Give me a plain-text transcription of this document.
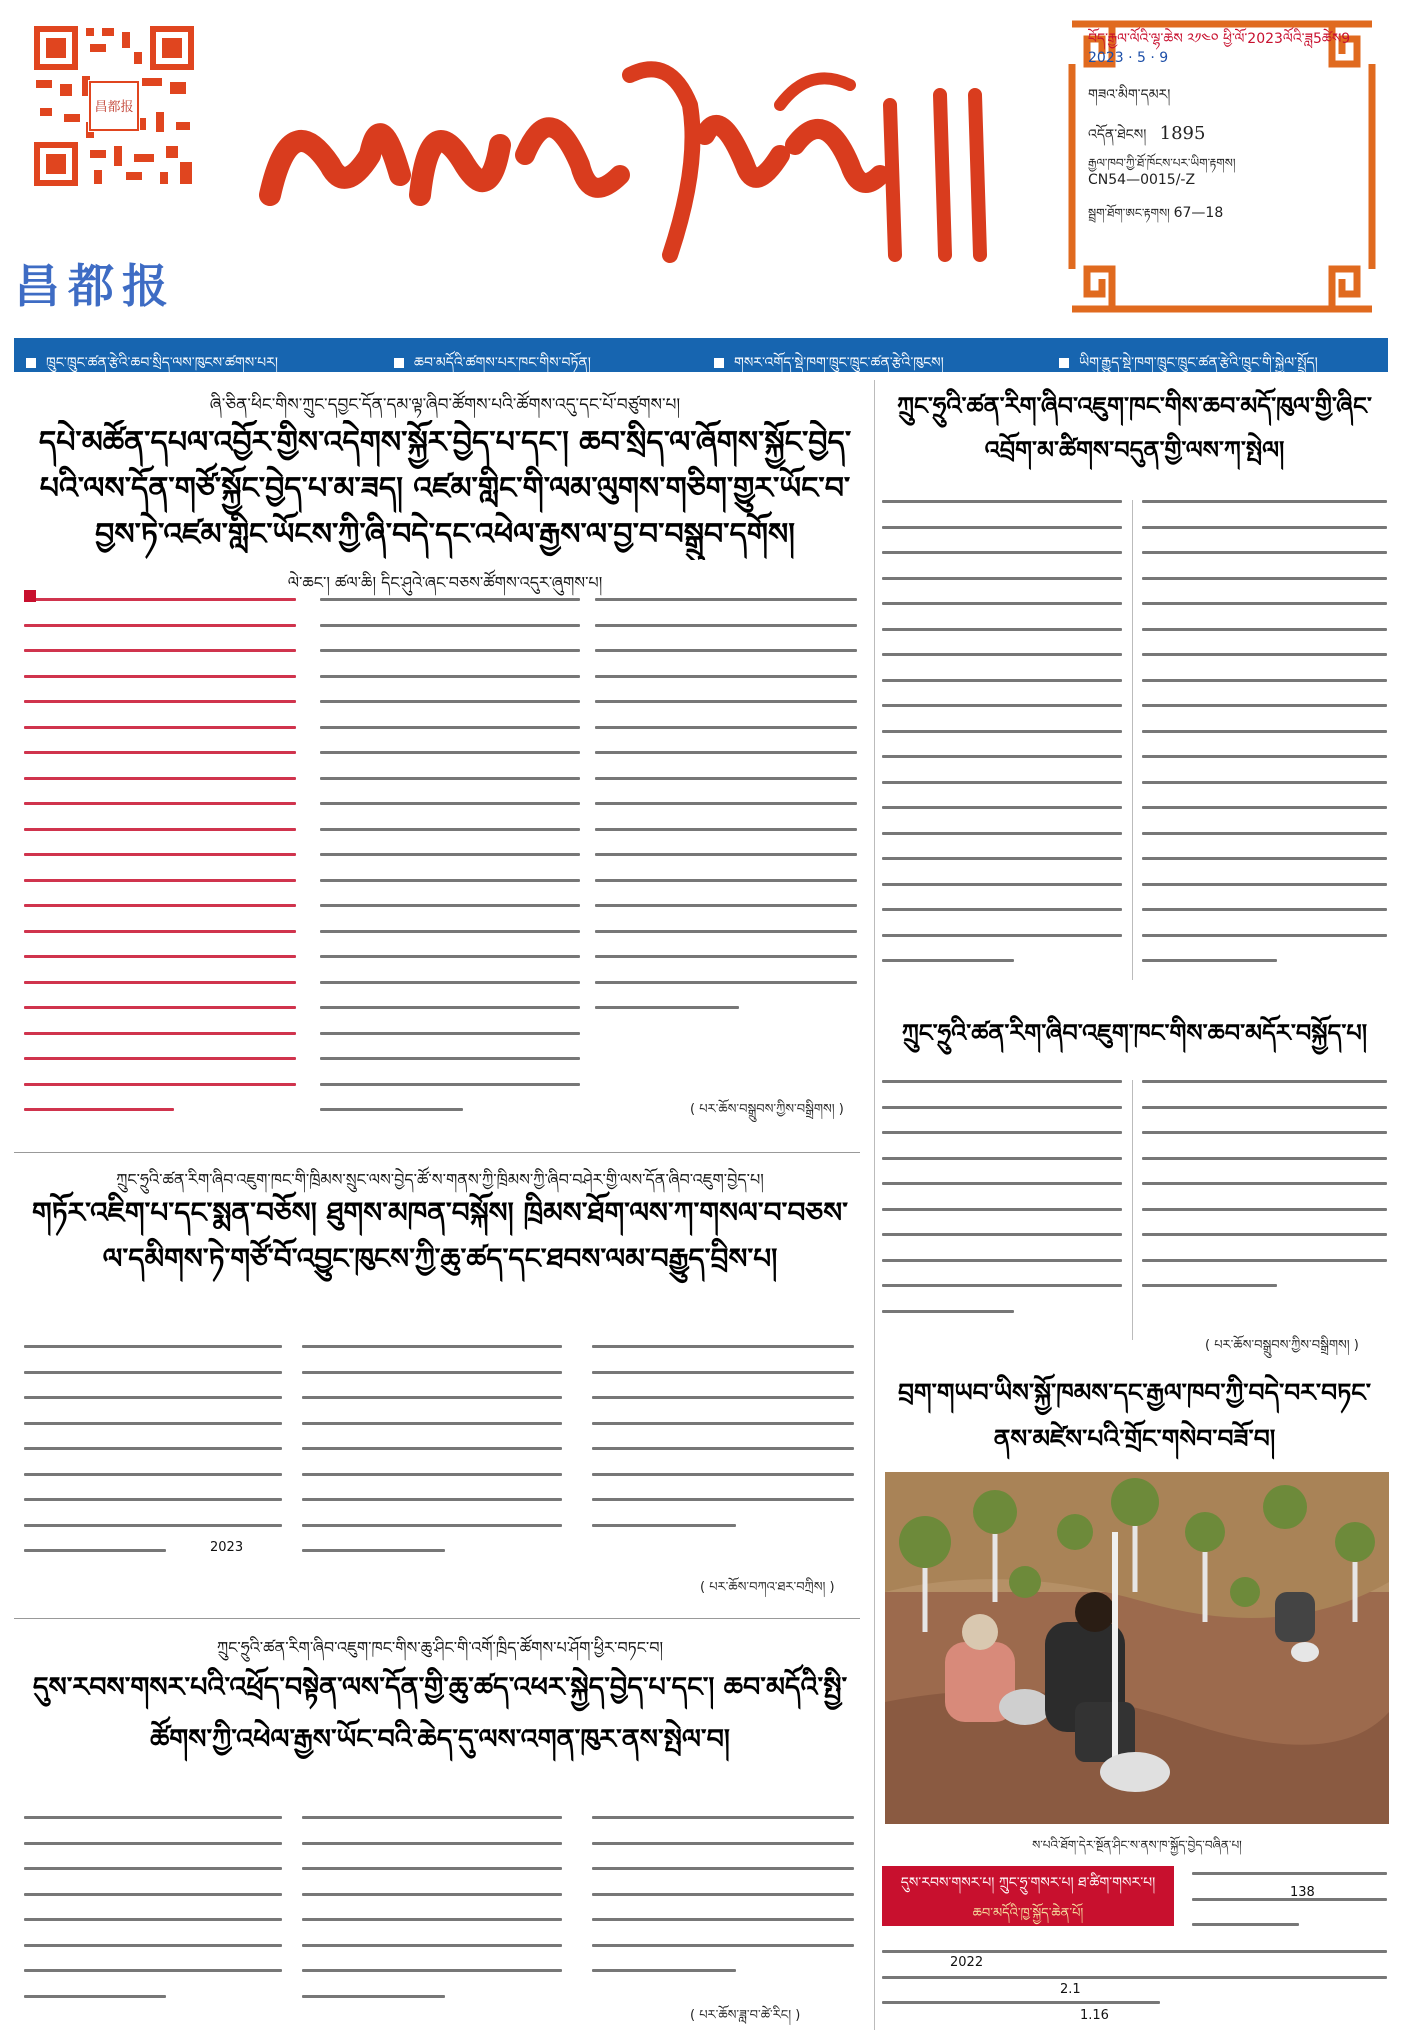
昌都报
昌都报
བོད་རྒྱལ་ལོའི་ལྷ་ཆེས ༢༡༤༠ ཕྱི་ལོ་2023ལོའི་ཟླ5ཚེས9
2023 · 5 · 9
གཟའ་མིག་དམར།
འདོན་ཐེངས། 1895
རྒྱལ་ཁབ་ཀྱི་ཐོ་ཁོངས་པར་ཡིག་རྟགས།
CN54—0015/-Z
སྦྲག་ཐོག་ཨང་རྟགས། 67—18
ཁྲུང་ཁྲུང་ཚན་རྩེའི་ཆབ་སྲིད་ལས་ཁུངས་ཚགས་པར།	ཆབ་མདོའི་ཚགས་པར་ཁང་གིས་བཏོན།	གསར་འགོད་སྡེ་ཁག་ཁྲུང་ཁྲུང་ཚན་རྩེའི་ཁུངས།	ཡིག་རྒྱུད་སྡེ་ཁག་ཁྲུང་ཁྲུང་ཚན་རྩེའི་ཁྲུང་གི་སྐྱེལ་སྤྲོད།
ཞི་ཅིན་ཕིང་གིས་ཀྲུང་དབྱང་དོན་དམ་ལྟ་ཞིབ་ཚོགས་པའི་ཚོགས་འདུ་དང་པོ་བཙུགས་པ།
དཔེ་མཚོན་དཔལ་འབྱོར་གྱིས་འདེགས་སྐྱོར་བྱེད་པ་དང་། ཆབ་སྲིད་ལ་ཞོགས་སྐྱོང་བྱེད་པའི་ལས་དོན་གཙོ་སྐྱོང་བྱེད་པ་མ་ཟད། འཛམ་གླིང་གི་ལམ་ལུགས་གཅིག་གྱུར་ཡོང་བ་བྱས་ཏེ་འཛམ་གླིང་ཡོངས་ཀྱི་ཞི་བདེ་དང་འཕེལ་རྒྱས་ལ་བྱ་བ་བསྒྲུབ་དགོས།
ལེ་ཆང་། ཚལ་ཆི། དིང་ཤུའེ་ཞང་བཅས་ཚོགས་འདུར་ཞུགས་པ།
( པར་ཆོས་བསྒྲུབས་ཀྱིས་བསྒྲིགས། )
ཀྲུང་ཧྲུའི་ཚན་རིག་ཞིབ་འཇུག་ཁང་གིས་ཆབ་མདོ་ཁུལ་གྱི་ཞིང་འབྲོག་མ་ཚིགས་བདུན་གྱི་ལས་ཀ་སྤེལ།
ཀྲུང་ཧྲུའི་ཚན་རིག་ཞིབ་འཇུག་ཁང་གིས་ཆབ་མདོར་བསྐྱོད་པ།
( པར་ཆོས་བསྒྲུབས་ཀྱིས་བསྒྲིགས། )
ཀྲུང་ཧྲུའི་ཚན་རིག་ཞིབ་འཇུག་ཁང་གི་ཁྲིམས་སྲུང་ལས་བྱེད་ཚོ་ས་གནས་ཀྱི་ཁྲིམས་ཀྱི་ཞིབ་བཤེར་གྱི་ལས་དོན་ཞིབ་འཇུག་བྱེད་པ།
གཏོར་འཇིག་པ་དང་སྨན་བཅོས། ཐུགས་མཁན་བསྐོས། ཁྲིམས་ཐོག་ལས་ཀ་གསལ་བ་བཅས་ལ་དམིགས་ཏེ་གཙོ་བོ་འབྱུང་ཁུངས་ཀྱི་ཆུ་ཚད་དང་ཐབས་ལམ་བརྒྱུད་བྲིས་པ།
2023
( པར་ཆོས་བཀའ་ཐར་བཀྲིས། )
ཀྲུང་ཧྲུའི་ཚན་རིག་ཞིབ་འཇུག་ཁང་གིས་ཆུ་ཤིང་གི་འགོ་ཁྲིད་ཚོགས་པ་ཤོག་ཕྱིར་བཏང་བ།
དུས་རབས་གསར་པའི་འཕྲོད་བསྟེན་ལས་དོན་གྱི་ཆུ་ཚད་འཕར་སྐྱེད་བྱེད་པ་དང་། ཆབ་མདོའི་སྤྱི་ཚོགས་ཀྱི་འཕེལ་རྒྱས་ཡོང་བའི་ཆེད་དུ་ལས་འགན་ཁུར་ནས་སྤེལ་བ།
( པར་ཆོས་ཟླ་བ་ཚེ་རིང། )
བྲག་གཡབ་ཡིས་སྐྱོ་ཁམས་དང་རྒྱལ་ཁབ་ཀྱི་བདེ་བར་བཏང་ནས་མཛེས་པའི་གྲོང་གསེབ་བཟོ་བ།
ས་པའི་ཐོག་དེར་སྔོན་ཤིང་ས་ནས་ཁ་སྐྱོད་བྱེད་བཞིན་པ།
དུས་རབས་གསར་པ། ཀྲུང་ཧྲུ་གསར་པ། ཐ་ཚིག་གསར་པ།
ཆབ་མདོའི་ཁྱ་སྐྱོད་ཆེན་པོ།
138
2022
2.1
1.16
